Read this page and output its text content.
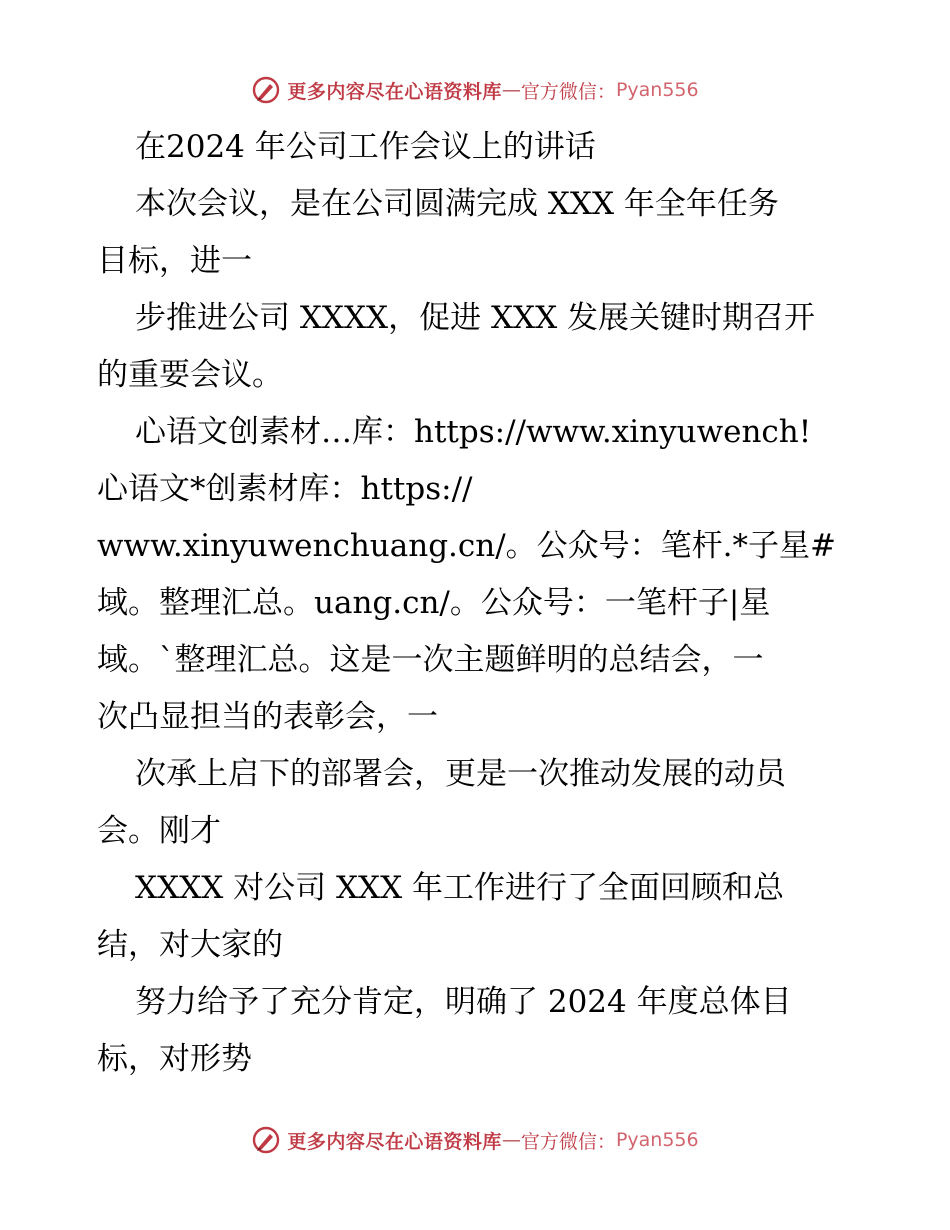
更多内容尽在心语资料库 — 官方微信： Pyan556
在2024 年公司工作会议上的讲话
本次会议，是在公司圆满完成 XXX 年全年任务
目标，进一
步推进公司 XXXX，促进 XXX 发展关键时期召开
的重要会议。
心语文创素材…库：https://www.xinyuwench!
心语文*创素材库：https://
www.xinyuwenchuang.cn/。公众号：笔杆.*子星#
域。整理汇总。uang.cn/。公众号：一笔杆子|星
域。`整理汇总。这是一次主题鲜明的总结会，一
次凸显担当的表彰会，一
次承上启下的部署会，更是一次推动发展的动员
会。刚才
XXXX 对公司 XXX 年工作进行了全面回顾和总
结，对大家的
努力给予了充分肯定，明确了 2024 年度总体目
标，对形势
更多内容尽在心语资料库 — 官方微信： Pyan556
